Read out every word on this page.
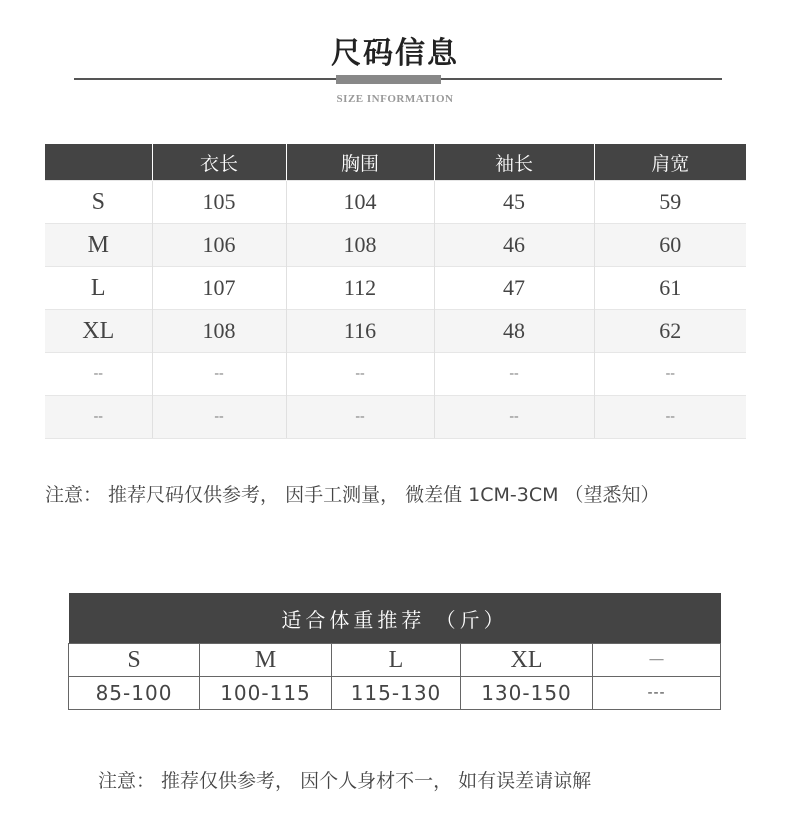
尺码信息
SIZE INFORMATION
	衣长	胸围	袖长	肩宽
S	105	104	45	59
M	106	108	46	60
L	107	112	47	61
XL	108	116	48	62
--	--	--	--	--
--	--	--	--	--
注意： 推荐尺码仅供参考， 因手工测量， 微差值 1CM-3CM （望悉知）
适合体重推荐 （斤）				
S	M	L	XL	—
85-100	100-115	115-130	130-150	---
注意： 推荐仅供参考， 因个人身材不一， 如有误差请谅解
